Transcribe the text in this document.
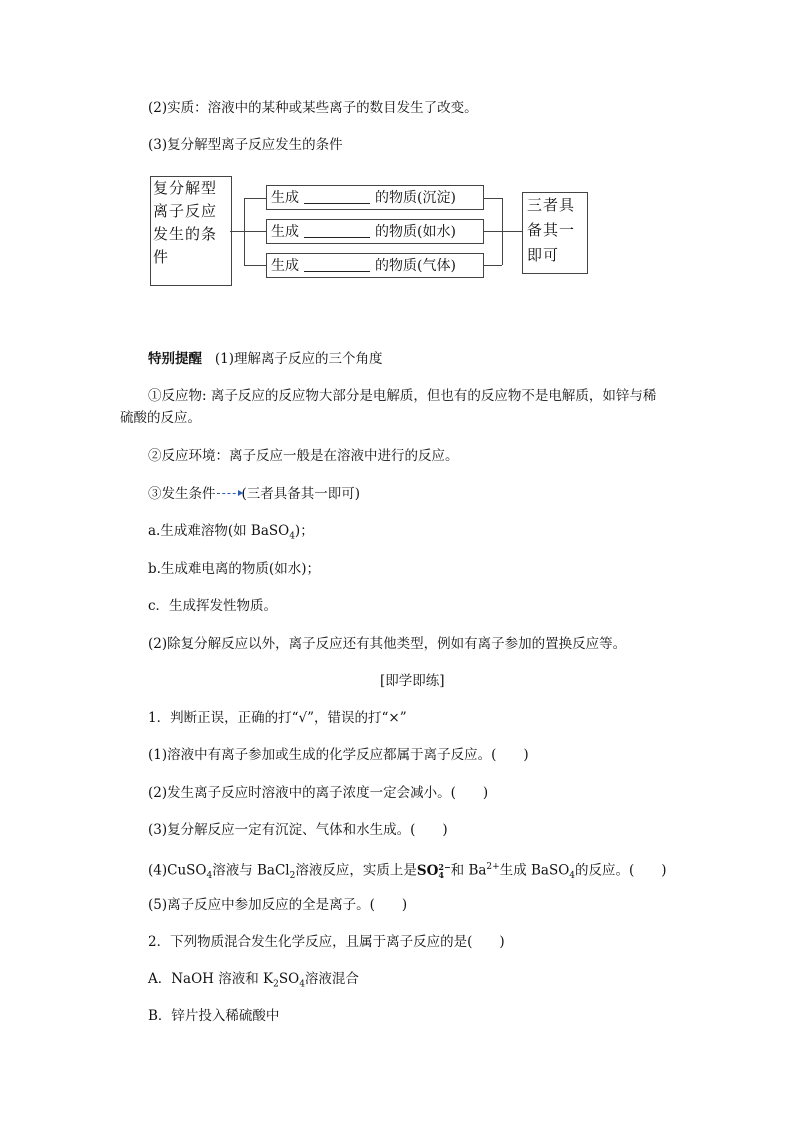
(2)实质：溶液中的某种或某些离子的数目发生了改变。
(3)复分解型离子反应发生的条件
复分解型
离子反应
发生的条
件
生成	的物质(沉淀)
生成	的物质(如水)
生成	的物质(气体)
三者具
备其一
即可
特别提醒 (1)理解离子反应的三个角度
①反应物: 离子反应的反应物大部分是电解质，但也有的反应物不是电解质，如锌与稀
硫酸的反应。
②反应环境：离子反应一般是在溶液中进行的反应。
③发生条件 (三者具备其一即可)
a.生成难溶物(如 BaSO$_4$)；
b.生成难电离的物质(如水)；
c．生成挥发性物质。
(2)除复分解反应以外，离子反应还有其他类型，例如有离子参加的置换反应等。
[即学即练]
1．判断正误，正确的打“√”，错误的打“×”
(1)溶液中有离子参加或生成的化学反应都属于离子反应。(　　)
(2)发生离子反应时溶液中的离子浓度一定会减小。(　　)
(3)复分解反应一定有沉淀、气体和水生成。(　　)
(4)CuSO$_4$溶液与 BaCl$_2$溶液反应，实质上是SO 2−
4 和 $Ba^{2+}$生成 BaSO$_4$的反应。(　　)
(5)离子反应中参加反应的全是离子。(　　)
2．下列物质混合发生化学反应，且属于离子反应的是(　　)
A．NaOH 溶液和 $K_2SO_4$溶液混合
B．锌片投入稀硫酸中
